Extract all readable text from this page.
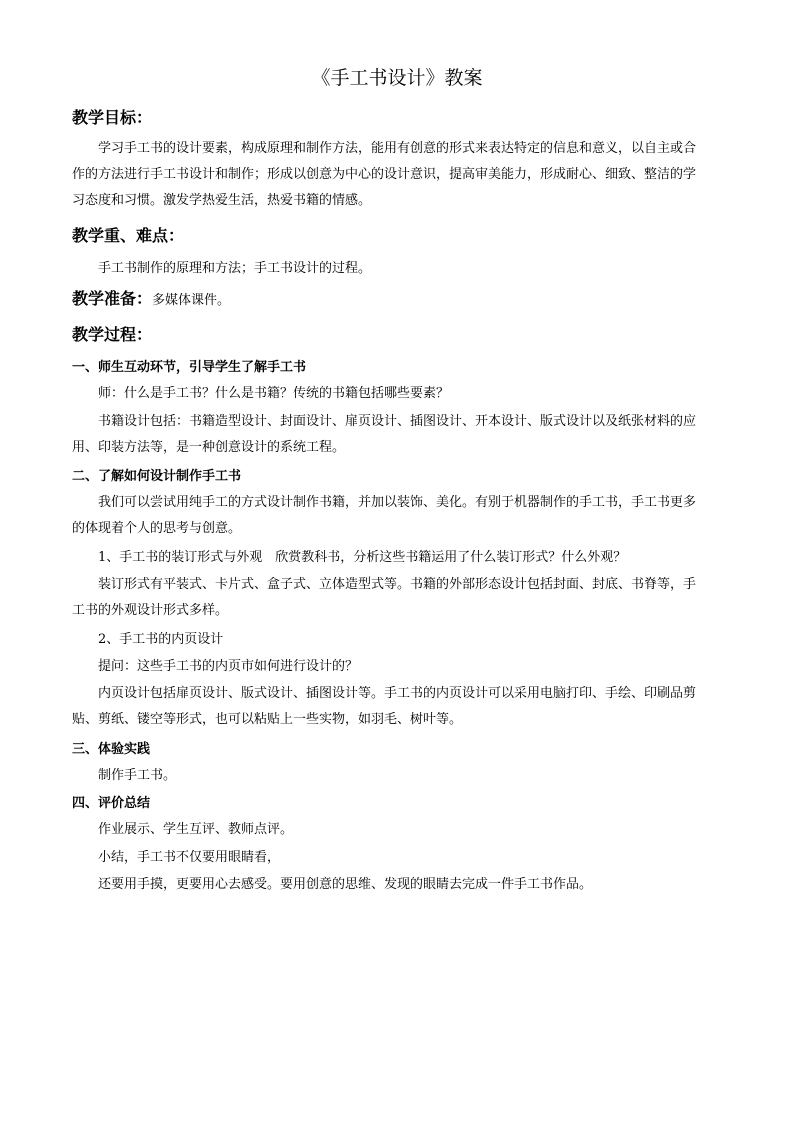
《手工书设计》教案
教学目标：

学习手工书的设计要素，构成原理和制作方法，能用有创意的形式来表达特定的信息和意义，以自主或合作的方法进行手工书设计和制作；形成以创意为中心的设计意识，提高审美能力，形成耐心、细致、整洁的学习态度和习惯。激发学热爱生活，热爱书籍的情感。

教学重、难点：

手工书制作的原理和方法；手工书设计的过程。

教学准备：多媒体课件。
教学过程：
一、师生互动环节，引导学生了解手工书

师：什么是手工书？什么是书籍？传统的书籍包括哪些要素？

书籍设计包括：书籍造型设计、封面设计、扉页设计、插图设计、开本设计、版式设计以及纸张材料的应用、印装方法等，是一种创意设计的系统工程。

二、了解如何设计制作手工书

我们可以尝试用纯手工的方式设计制作书籍，并加以装饰、美化。有别于机器制作的手工书，手工书更多的体现着个人的思考与创意。

1、手工书的装订形式与外观　欣赏教科书，分析这些书籍运用了什么装订形式？什么外观？

装订形式有平装式、卡片式、盒子式、立体造型式等。书籍的外部形态设计包括封面、封底、书脊等，手工书的外观设计形式多样。

2、手工书的内页设计

提问：这些手工书的内页市如何进行设计的？

内页设计包括扉页设计、版式设计、插图设计等。手工书的内页设计可以采用电脑打印、手绘、印刷品剪贴、剪纸、镂空等形式，也可以粘贴上一些实物，如羽毛、树叶等。

三、体验实践

制作手工书。

四、评价总结

作业展示、学生互评、教师点评。

小结，手工书不仅要用眼睛看，

还要用手摸，更要用心去感受。要用创意的思维、发现的眼睛去完成一件手工书作品。
